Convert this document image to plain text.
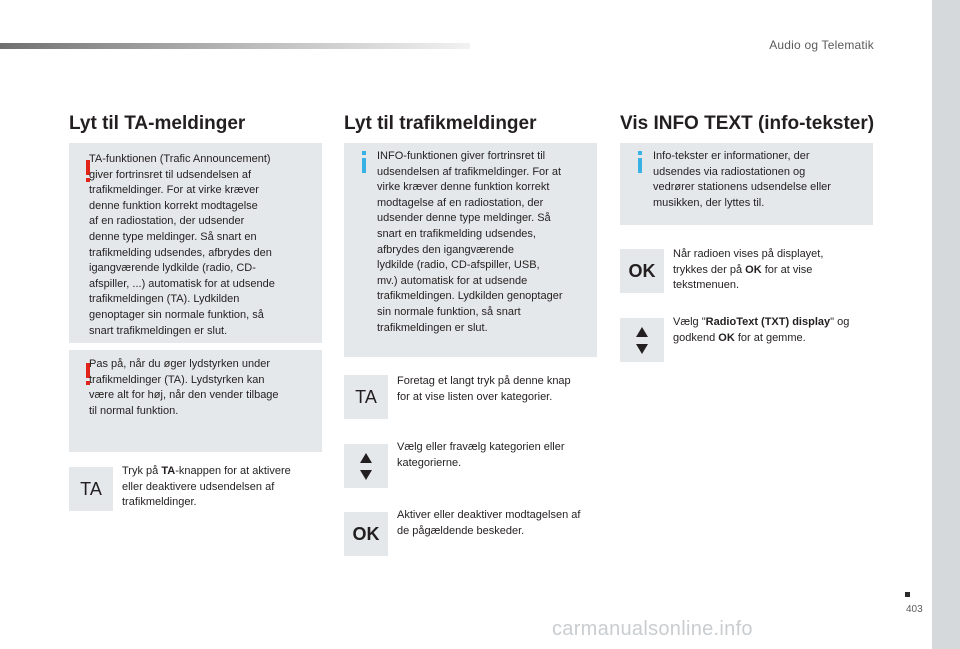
Audio og Telematik
Lyt til TA-meldinger
TA-funktionen (Trafic Announcement)
giver fortrinsret til udsendelsen af
trafikmeldinger. For at virke kræver
denne funktion korrekt modtagelse
af en radiostation, der udsender
denne type meldinger. Så snart en
trafikmelding udsendes, afbrydes den
igangværende lydkilde (radio, CD-
afspiller, ...) automatisk for at udsende
trafikmeldingen (TA). Lydkilden
genoptager sin normale funktion, så
snart trafikmeldingen er slut.
Pas på, når du øger lydstyrken under
trafikmeldinger (TA). Lydstyrken kan
være alt for høj, når den vender tilbage
til normal funktion.
TA
Tryk på TA-knappen for at aktivere
eller deaktivere udsendelsen af
trafikmeldinger.
Lyt til trafikmeldinger
INFO-funktionen giver fortrinsret til
udsendelsen af trafikmeldinger. For at
virke kræver denne funktion korrekt
modtagelse af en radiostation, der
udsender denne type meldinger. Så
snart en trafikmelding udsendes,
afbrydes den igangværende
lydkilde (radio, CD-afspiller, USB,
mv.) automatisk for at udsende
trafikmeldingen. Lydkilden genoptager
sin normale funktion, så snart
trafikmeldingen er slut.
TA
Foretag et langt tryk på denne knap
for at vise listen over kategorier.
Vælg eller fravælg kategorien eller
kategorierne.
OK
Aktiver eller deaktiver modtagelsen af
de pågældende beskeder.
Vis INFO TEXT (info-tekster)
Info-tekster er informationer, der
udsendes via radiostationen og
vedrører stationens udsendelse eller
musikken, der lyttes til.
OK
Når radioen vises på displayet,
trykkes der på OK for at vise
tekstmenuen.
Vælg "RadioText (TXT) display" og
godkend OK for at gemme.
403
carmanualsonline.info
